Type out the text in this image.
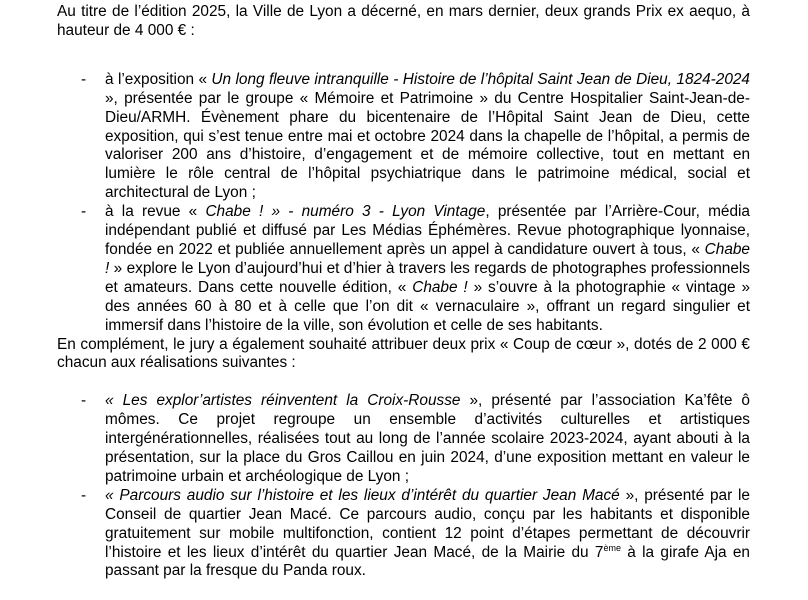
Au titre de l’édition 2025, la Ville de Lyon a décerné, en mars dernier, deux grands Prix ex aequo, à hauteur de 4 000 € :

- à l’exposition « Un long fleuve intranquille - Histoire de l’hôpital Saint Jean de Dieu, 1824-2024 », présentée par le groupe « Mémoire et Patrimoine » du Centre Hospitalier Saint-Jean-de-Dieu/ARMH. Évènement phare du bicentenaire de l’Hôpital Saint Jean de Dieu, cette exposition, qui s’est tenue entre mai et octobre 2024 dans la chapelle de l’hôpital, a permis de valoriser 200 ans d’histoire, d’engagement et de mémoire collective, tout en mettant en lumière le rôle central de l’hôpital psychiatrique dans le patrimoine médical, social et architectural de Lyon ;
- à la revue « Chabe ! » - numéro 3 - Lyon Vintage, présentée par l’Arrière-Cour, média indépendant publié et diffusé par Les Médias Éphémères. Revue photographique lyonnaise, fondée en 2022 et publiée annuellement après un appel à candidature ouvert à tous, « Chabe ! » explore le Lyon d’aujourd’hui et d’hier à travers les regards de photographes professionnels et amateurs. Dans cette nouvelle édition, « Chabe ! » s’ouvre à la photographie « vintage » des années 60 à 80 et à celle que l’on dit « vernaculaire », offrant un regard singulier et immersif dans l’histoire de la ville, son évolution et celle de ses habitants.

En complément, le jury a également souhaité attribuer deux prix « Coup de cœur », dotés de 2 000 € chacun aux réalisations suivantes :

- « Les explor’artistes réinventent la Croix-Rousse », présenté par l’association Ka’fête ô mômes. Ce projet regroupe un ensemble d’activités culturelles et artistiques intergénérationnelles, réalisées tout au long de l’année scolaire 2023-2024, ayant abouti à la présentation, sur la place du Gros Caillou en juin 2024, d’une exposition mettant en valeur le patrimoine urbain et archéologique de Lyon ;
- « Parcours audio sur l’histoire et les lieux d’intérêt du quartier Jean Macé », présenté par le Conseil de quartier Jean Macé. Ce parcours audio, conçu par les habitants et disponible gratuitement sur mobile multifonction, contient 12 point d’étapes permettant de découvrir l’histoire et les lieux d’intérêt du quartier Jean Macé, de la Mairie du 7ème à la girafe Aja en passant par la fresque du Panda roux.
